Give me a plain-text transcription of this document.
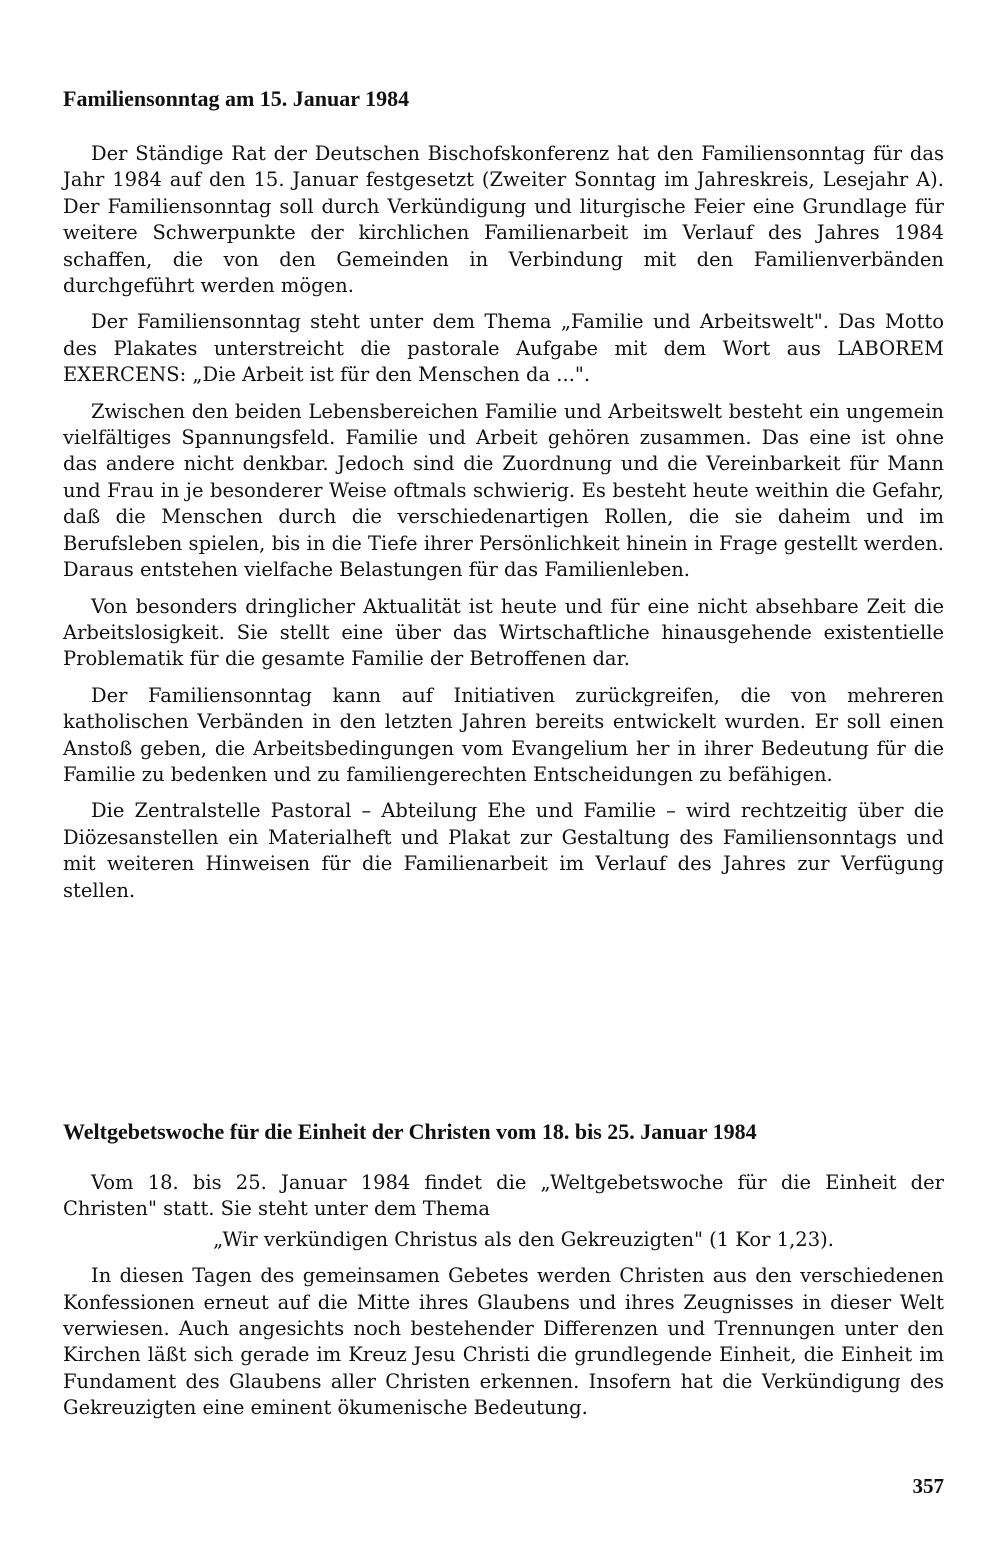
Familiensonntag am 15. Januar 1984

Der Ständige Rat der Deutschen Bischofskonferenz hat den Familiensonntag für das Jahr 1984 auf den 15. Januar festgesetzt (Zweiter Sonntag im Jahreskreis, Lesejahr A). Der Familiensonntag soll durch Verkündigung und liturgische Feier eine Grundlage für weitere Schwerpunkte der kirchlichen Familienarbeit im Verlauf des Jahres 1984 schaffen, die von den Gemeinden in Verbindung mit den Familienverbänden durchgeführt werden mögen.

Der Familiensonntag steht unter dem Thema „Familie und Arbeitswelt". Das Motto des Plakates unterstreicht die pastorale Aufgabe mit dem Wort aus LABOREM EXERCENS: „Die Arbeit ist für den Menschen da ...".

Zwischen den beiden Lebensbereichen Familie und Arbeitswelt besteht ein ungemein vielfältiges Spannungsfeld. Familie und Arbeit gehören zusammen. Das eine ist ohne das andere nicht denkbar. Jedoch sind die Zuordnung und die Vereinbarkeit für Mann und Frau in je besonderer Weise oftmals schwierig. Es besteht heute weithin die Gefahr, daß die Menschen durch die verschiedenartigen Rollen, die sie daheim und im Berufsleben spielen, bis in die Tiefe ihrer Persönlichkeit hinein in Frage gestellt werden. Daraus entstehen vielfache Belastungen für das Familienleben.

Von besonders dringlicher Aktualität ist heute und für eine nicht absehbare Zeit die Arbeitslosigkeit. Sie stellt eine über das Wirtschaftliche hinausgehende existentielle Problematik für die gesamte Familie der Betroffenen dar.

Der Familiensonntag kann auf Initiativen zurückgreifen, die von mehreren katholischen Verbänden in den letzten Jahren bereits entwickelt wurden. Er soll einen Anstoß geben, die Arbeitsbedingungen vom Evangelium her in ihrer Bedeutung für die Familie zu bedenken und zu familiengerechten Entscheidungen zu befähigen.

Die Zentralstelle Pastoral – Abteilung Ehe und Familie – wird rechtzeitig über die Diözesanstellen ein Materialheft und Plakat zur Gestaltung des Familiensonntags und mit weiteren Hinweisen für die Familienarbeit im Verlauf des Jahres zur Verfügung stellen.

Weltgebetswoche für die Einheit der Christen vom 18. bis 25. Januar 1984

Vom 18. bis 25. Januar 1984 findet die „Weltgebetswoche für die Einheit der Christen" statt. Sie steht unter dem Thema

„Wir verkündigen Christus als den Gekreuzigten" (1 Kor 1,23).

In diesen Tagen des gemeinsamen Gebetes werden Christen aus den verschiedenen Konfessionen erneut auf die Mitte ihres Glaubens und ihres Zeugnisses in dieser Welt verwiesen. Auch angesichts noch bestehender Differenzen und Trennungen unter den Kirchen läßt sich gerade im Kreuz Jesu Christi die grundlegende Einheit, die Einheit im Fundament des Glaubens aller Christen erkennen. Insofern hat die Verkündigung des Gekreuzigten eine eminent ökumenische Bedeutung.

357
